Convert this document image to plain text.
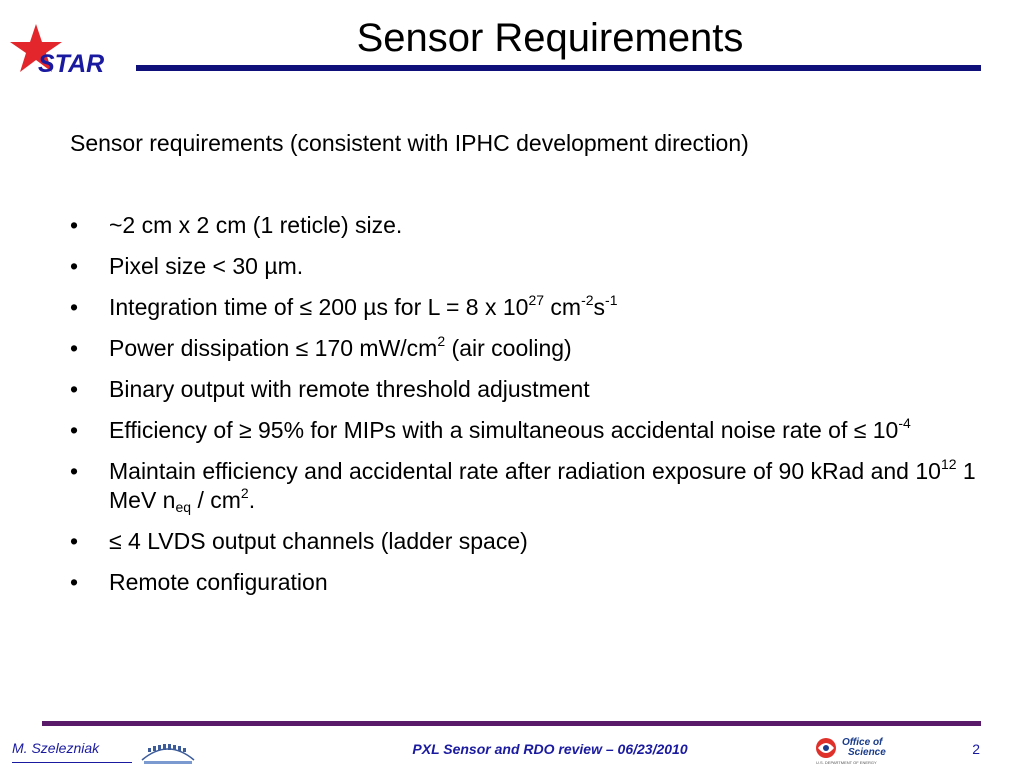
STAR
Sensor Requirements
Sensor requirements (consistent with IPHC development direction)
• ~2 cm x 2 cm (1 reticle) size.
• Pixel size < 30 µm.
• Integration time of ≤ 200 µs for L = 8 x $10^{27}$ $cm^{-2}s^{-1}$
• Power dissipation ≤ 170 $mW/cm^2$ (air cooling)
• Binary output with remote threshold adjustment
• Efficiency of ≥ 95% for MIPs with a simultaneous accidental noise rate of ≤ $10^{-4}$
• Maintain efficiency and accidental rate after radiation exposure of 90 kRad and $10^{12}$ 1 MeV $n_{eq} / cm^2$.
• ≤ 4 LVDS output channels (ladder space)
• Remote configuration
M. Szelezniak	PXL Sensor and RDO review – 06/23/2010	Office of
Science
U.S. DEPARTMENT OF ENERGY
2
